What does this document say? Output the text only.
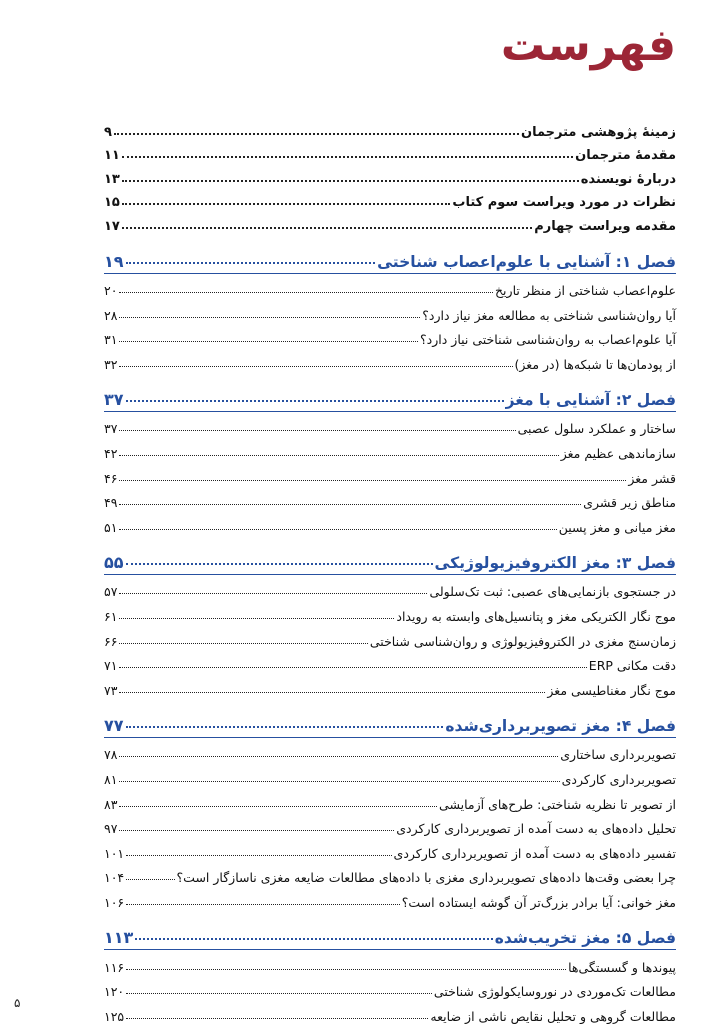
فهرست
زمینهٔ پژوهشی مترجمان
۹
مقدمهٔ مترجمان
۱۱
دربارهٔ نویسنده
۱۳
نظرات در مورد ویراست سوم کتاب
۱۵
مقدمه ویراست چهارم
۱۷
فصل ۱: آشنایی با علوم‌اعصاب شناختی
۱۹
علوم‌اعصاب شناختی از منظر تاریخ
۲۰
آیا روان‌شناسی شناختی به مطالعه مغز نیاز دارد؟
۲۸
آیا علوم‌اعصاب به روان‌شناسی شناختی نیاز دارد؟
۳۱
از پودمان‌ها تا شبکه‌ها (در مغز)
۳۲
فصل ۲: آشنایی با مغز
۳۷
ساختار و عملکرد سلول عصبی
۳۷
سازماندهی عظیم مغز
۴۲
قشر مغز
۴۶
مناطق زیر قشری
۴۹
مغز میانی و مغز پسین
۵۱
فصل ۳: مغز الکتروفیزیولوژیکی
۵۵
در جستجوی بازنمایی‌های عصبی: ثبت تک‌سلولی
۵۷
موج نگار الکتریکی مغز و پتانسیل‌های وابسته به رویداد
۶۱
زمان‌سنج مغزی در الکتروفیزیولوژی و روان‌شناسی شناختی
۶۶
دقت مکانی ERP
۷۱
موج نگار مغناطیسی مغز
۷۳
فصل ۴: مغز تصویربرداری‌شده
۷۷
تصویربرداری ساختاری
۷۸
تصویربرداری کارکردی
۸۱
از تصویر تا نظریه شناختی: طرح‌های آزمایشی
۸۳
تحلیل داده‌های به دست آمده از تصویربرداری کارکردی
۹۷
تفسیر داده‌های به دست آمده از تصویربرداری کارکردی
۱۰۱
چرا بعضی وقت‌ها داده‌های تصویربرداری مغزی با داده‌های مطالعات ضایعه مغزی ناسازگار است؟
۱۰۴
مغز خوانی: آیا برادر بزرگ‌تر آن گوشه ایستاده است؟
۱۰۶
فصل ۵: مغز تخریب‌شده
۱۱۳
پیوندها و گسستگی‌ها
۱۱۶
مطالعات تک‌موردی در نوروسایکولوژی شناختی
۱۲۰
مطالعات گروهی و تحلیل نقایص ناشی از ضایعه
۱۲۵
۵
